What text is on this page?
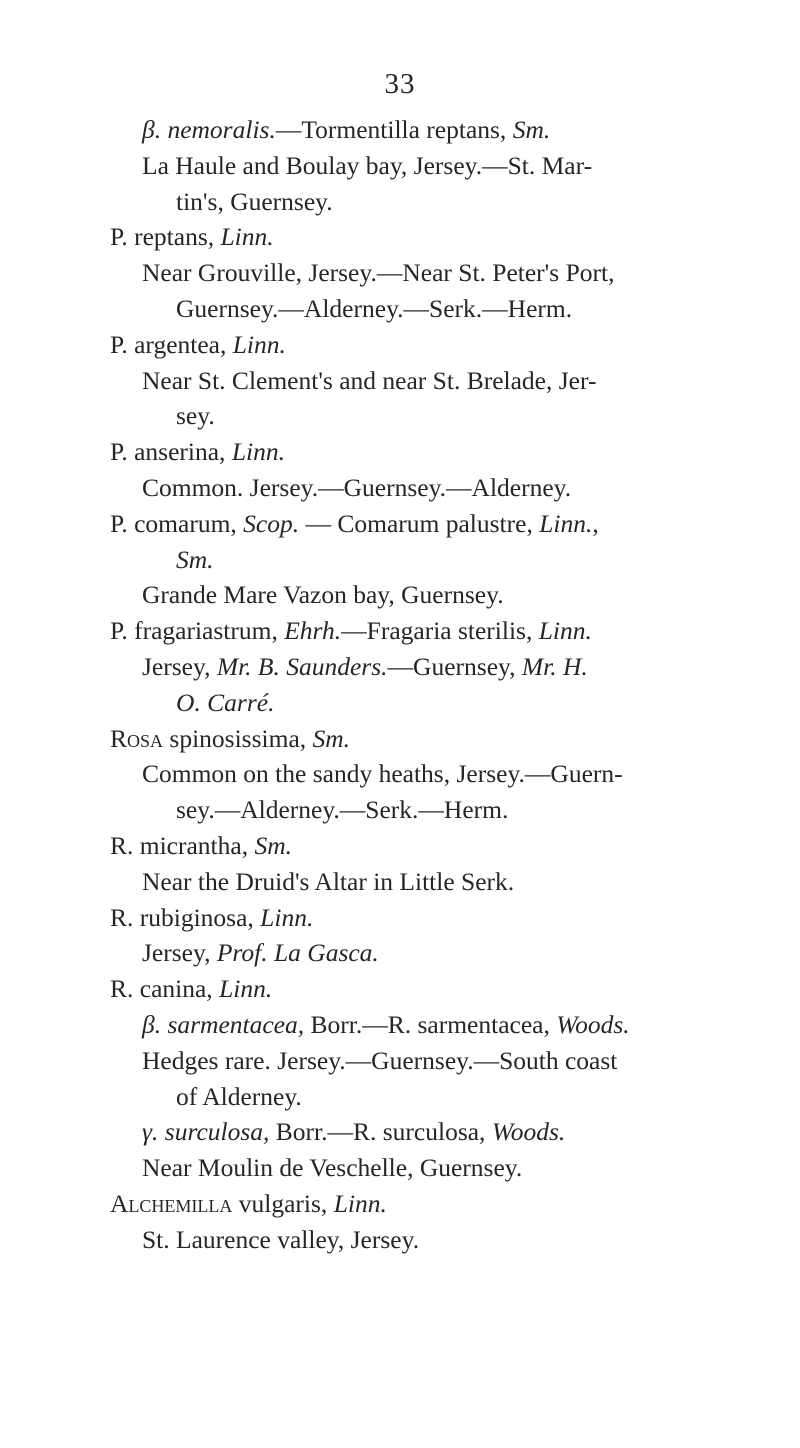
33
β. nemoralis.—Tormentilla reptans, Sm.
La Haule and Boulay bay, Jersey.—St. Mar-
tin's, Guernsey.
P. reptans, Linn.
Near Grouville, Jersey.—Near St. Peter's Port,
Guernsey.—Alderney.—Serk.—Herm.
P. argentea, Linn.
Near St. Clement's and near St. Brelade, Jer-
sey.
P. anserina, Linn.
Common. Jersey.—Guernsey.—Alderney.
P. comarum, Scop. — Comarum palustre, Linn.,
Sm.
Grande Mare Vazon bay, Guernsey.
P. fragariastrum, Ehrh.—Fragaria sterilis, Linn.
Jersey, Mr. B. Saunders.—Guernsey, Mr. H.
O. Carré.
Rosa spinosissima, Sm.
Common on the sandy heaths, Jersey.—Guern-
sey.—Alderney.—Serk.—Herm.
R. micrantha, Sm.
Near the Druid's Altar in Little Serk.
R. rubiginosa, Linn.
Jersey, Prof. La Gasca.
R. canina, Linn.
β. sarmentacea, Borr.—R. sarmentacea, Woods.
Hedges rare. Jersey.—Guernsey.—South coast
of Alderney.
γ. surculosa, Borr.—R. surculosa, Woods.
Near Moulin de Veschelle, Guernsey.
Alchemilla vulgaris, Linn.
St. Laurence valley, Jersey.
